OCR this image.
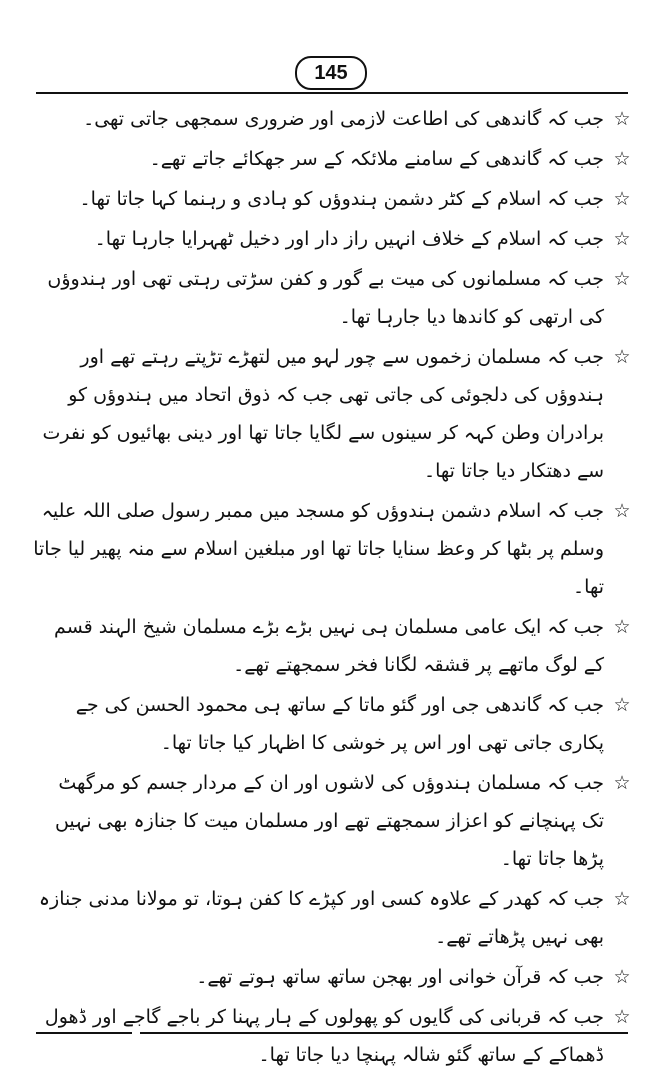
145
☆
جب کہ گاندھی کی اطاعت لازمی اور ضروری سمجھی جاتی تھی۔
☆
جب کہ گاندھی کے سامنے ملائکہ کے سر جھکائے جاتے تھے۔
☆
جب کہ اسلام کے کٹر دشمن ہندوؤں کو ہادی و رہنما کہا جاتا تھا۔
☆
جب کہ اسلام کے خلاف انہیں راز دار اور دخیل ٹھہرایا جارہا تھا۔
☆
جب کہ مسلمانوں کی میت بے گور و کفن سڑتی رہتی تھی اور ہندوؤں کی ارتھی کو کاندھا دیا جارہا تھا۔
☆
جب کہ مسلمان زخموں سے چور لہو میں لتھڑے تڑپتے رہتے تھے اور ہندوؤں کی دلجوئی کی جاتی تھی جب کہ ذوق اتحاد میں ہندوؤں کو برادران وطن کہہ کر سینوں سے لگایا جاتا تھا اور دینی بھائیوں کو نفرت سے دھتکار دیا جاتا تھا۔
☆
جب کہ اسلام دشمن ہندوؤں کو مسجد میں ممبر رسول صلی اللہ علیہ وسلم پر بٹھا کر وعظ سنایا جاتا تھا اور مبلغین اسلام سے منہ پھیر لیا جاتا تھا۔
☆
جب کہ ایک عامی مسلمان ہی نہیں بڑے بڑے مسلمان شیخ الہند قسم کے لوگ ماتھے پر قشقہ لگانا فخر سمجھتے تھے۔
☆
جب کہ گاندھی جی اور گئو ماتا کے ساتھ ہی محمود الحسن کی جے پکاری جاتی تھی اور اس پر خوشی کا اظہار کیا جاتا تھا۔
☆
جب کہ مسلمان ہندوؤں کی لاشوں اور ان کے مردار جسم کو مرگھٹ تک پہنچانے کو اعزاز سمجھتے تھے اور مسلمان میت کا جنازہ بھی نہیں پڑھا جاتا تھا۔
☆
جب کہ کھدر کے علاوہ کسی اور کپڑے کا کفن ہوتا، تو مولانا مدنی جنازہ بھی نہیں پڑھاتے تھے۔
☆
جب کہ قرآن خوانی اور بھجن ساتھ ساتھ ہوتے تھے۔
☆
جب کہ قربانی کی گایوں کو پھولوں کے ہار پہنا کر باجے گاجے اور ڈھول ڈھماکے کے ساتھ گئو شالہ پہنچا دیا جاتا تھا۔
